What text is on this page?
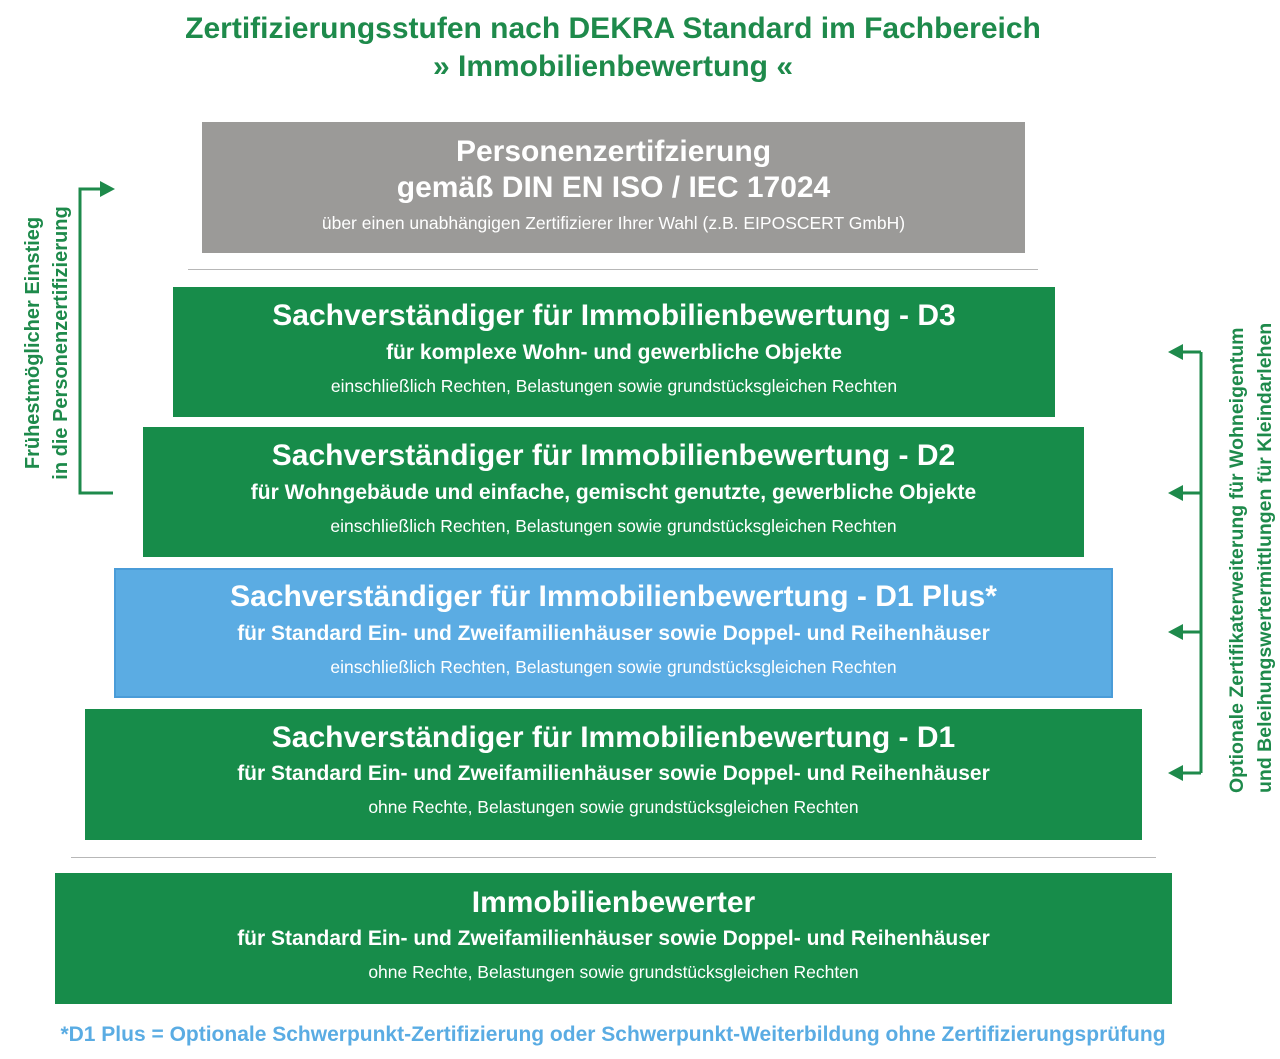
Zertifizierungsstufen nach DEKRA Standard im Fachbereich
» Immobilienbewertung «
Personenzertifzierung
gemäß DIN EN ISO / IEC 17024
über einen unabhängigen Zertifizierer Ihrer Wahl (z.B. EIPOSCERT GmbH)
Sachverständiger für Immobilienbewertung - D3
für komplexe Wohn- und gewerbliche Objekte
einschließlich Rechten, Belastungen sowie grundstücksgleichen Rechten
Sachverständiger für Immobilienbewertung - D2
für Wohngebäude und einfache, gemischt genutzte, gewerbliche Objekte
einschließlich Rechten, Belastungen sowie grundstücksgleichen Rechten
Sachverständiger für Immobilienbewertung - D1 Plus*
für Standard Ein- und Zweifamilienhäuser sowie Doppel- und Reihenhäuser
einschließlich Rechten, Belastungen sowie grundstücksgleichen Rechten
Sachverständiger für Immobilienbewertung - D1
für Standard Ein- und Zweifamilienhäuser sowie Doppel- und Reihenhäuser
ohne Rechte, Belastungen sowie grundstücksgleichen Rechten
Immobilienbewerter
für Standard Ein- und Zweifamilienhäuser sowie Doppel- und Reihenhäuser
ohne Rechte, Belastungen sowie grundstücksgleichen Rechten
*D1 Plus = Optionale Schwerpunkt-Zertifizierung oder Schwerpunkt-Weiterbildung ohne Zertifizierungsprüfung
Frühestmöglicher Einstieg in die Personenzertifizierung	Optionale Zertifikaterweiterung für Wohneigentum und Beleihungswertermittlungen für Kleindarlehen
